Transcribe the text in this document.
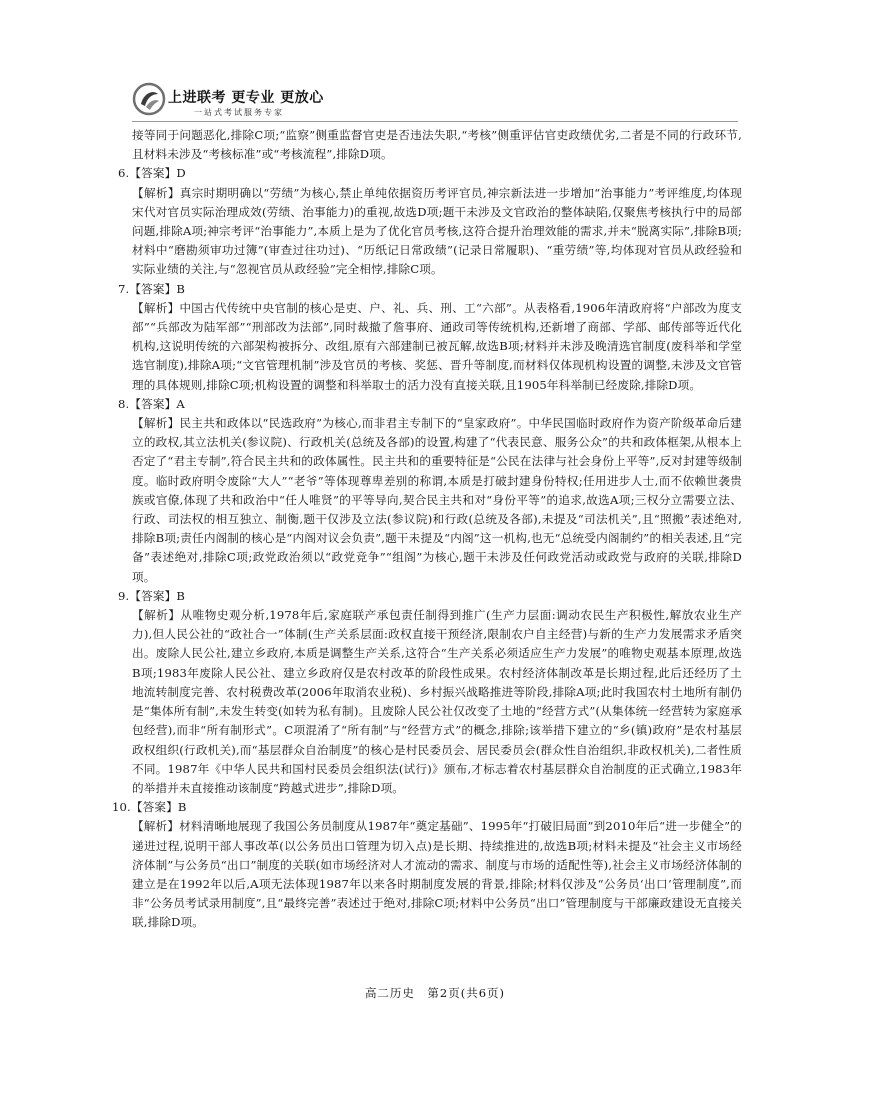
上进联考 更专业 更放心
一站式考试服务专家

接等同于问题恶化,排除C项;“监察”侧重监督官吏是否违法失职,“考核”侧重评估官吏政绩优劣,二者是不同的行政环节,且材料未涉及“考核标准”或“考核流程”,排除D项。

6.【答案】D

【解析】真宗时期明确以“劳绩”为核心,禁止单纯依据资历考评官员,神宗新法进一步增加“治事能力”考评维度,均体现宋代对官员实际治理成效(劳绩、治事能力)的重视,故选D项;题干未涉及文官政治的整体缺陷,仅聚焦考核执行中的局部问题,排除A项;神宗考评“治事能力”,本质上是为了优化官员考核,这符合提升治理效能的需求,并未“脱离实际”,排除B项;材料中“磨勘须审功过簿”(审查过往功过)、“历纸记日常政绩”(记录日常履职)、“重劳绩”等,均体现对官员从政经验和实际业绩的关注,与“忽视官员从政经验”完全相悖,排除C项。

7.【答案】B

【解析】中国古代传统中央官制的核心是吏、户、礼、兵、刑、工“六部”。从表格看,1906年清政府将“户部改为度支部”“兵部改为陆军部”“刑部改为法部”,同时裁撤了詹事府、通政司等传统机构,还新增了商部、学部、邮传部等近代化机构,这说明传统的六部架构被拆分、改组,原有六部建制已被瓦解,故选B项;材料并未涉及晚清选官制度(废科举和学堂选官制度),排除A项;“文官管理机制”涉及官员的考核、奖惩、晋升等制度,而材料仅体现机构设置的调整,未涉及文官管理的具体规则,排除C项;机构设置的调整和科举取士的活力没有直接关联,且1905年科举制已经废除,排除D项。

8.【答案】A

【解析】民主共和政体以“民选政府”为核心,而非君主专制下的“皇家政府”。中华民国临时政府作为资产阶级革命后建立的政权,其立法机关(参议院)、行政机关(总统及各部)的设置,构建了“代表民意、服务公众”的共和政体框架,从根本上否定了“君主专制”,符合民主共和的政体属性。民主共和的重要特征是“公民在法律与社会身份上平等”,反对封建等级制度。临时政府明令废除“大人”“老爷”等体现尊卑差别的称谓,本质是打破封建身份特权;任用进步人士,而不依赖世袭贵族或官僚,体现了共和政治中“任人唯贤”的平等导向,契合民主共和对“身份平等”的追求,故选A项;三权分立需要立法、行政、司法权的相互独立、制衡,题干仅涉及立法(参议院)和行政(总统及各部),未提及“司法机关”,且“照搬”表述绝对,排除B项;责任内阁制的核心是“内阁对议会负责”,题干未提及“内阁”这一机构,也无“总统受内阁制约”的相关表述,且“完备”表述绝对,排除C项;政党政治须以“政党竞争”“组阁”为核心,题干未涉及任何政党活动或政党与政府的关联,排除D项。

9.【答案】B

【解析】从唯物史观分析,1978年后,家庭联产承包责任制得到推广(生产力层面:调动农民生产积极性,解放农业生产力),但人民公社的“政社合一”体制(生产关系层面:政权直接干预经济,限制农户自主经营)与新的生产力发展需求矛盾突出。废除人民公社,建立乡政府,本质是调整生产关系,这符合“生产关系必须适应生产力发展”的唯物史观基本原理,故选B项;1983年废除人民公社、建立乡政府仅是农村改革的阶段性成果。农村经济体制改革是长期过程,此后还经历了土地流转制度完善、农村税费改革(2006年取消农业税)、乡村振兴战略推进等阶段,排除A项;此时我国农村土地所有制仍是“集体所有制”,未发生转变(如转为私有制)。且废除人民公社仅改变了土地的“经营方式”(从集体统一经营转为家庭承包经营),而非“所有制形式”。C项混淆了“所有制”与“经营方式”的概念,排除;该举措下建立的“乡(镇)政府”是农村基层政权组织(行政机关),而“基层群众自治制度”的核心是村民委员会、居民委员会(群众性自治组织,非政权机关),二者性质不同。1987年《中华人民共和国村民委员会组织法(试行)》颁布,才标志着农村基层群众自治制度的正式确立,1983年的举措并未直接推动该制度“跨越式进步”,排除D项。

10.【答案】B

【解析】材料清晰地展现了我国公务员制度从1987年“奠定基础”、1995年“打破旧局面”到2010年后“进一步健全”的递进过程,说明干部人事改革(以公务员出口管理为切入点)是长期、持续推进的,故选B项;材料未提及“社会主义市场经济体制”与公务员“出口”制度的关联(如市场经济对人才流动的需求、制度与市场的适配性等),社会主义市场经济体制的建立是在1992年以后,A项无法体现1987年以来各时期制度发展的背景,排除;材料仅涉及“公务员‘出口’管理制度”,而非“公务员考试录用制度”,且“最终完善”表述过于绝对,排除C项;材料中公务员“出口”管理制度与干部廉政建设无直接关联,排除D项。

高二历史　第2页(共6页)
